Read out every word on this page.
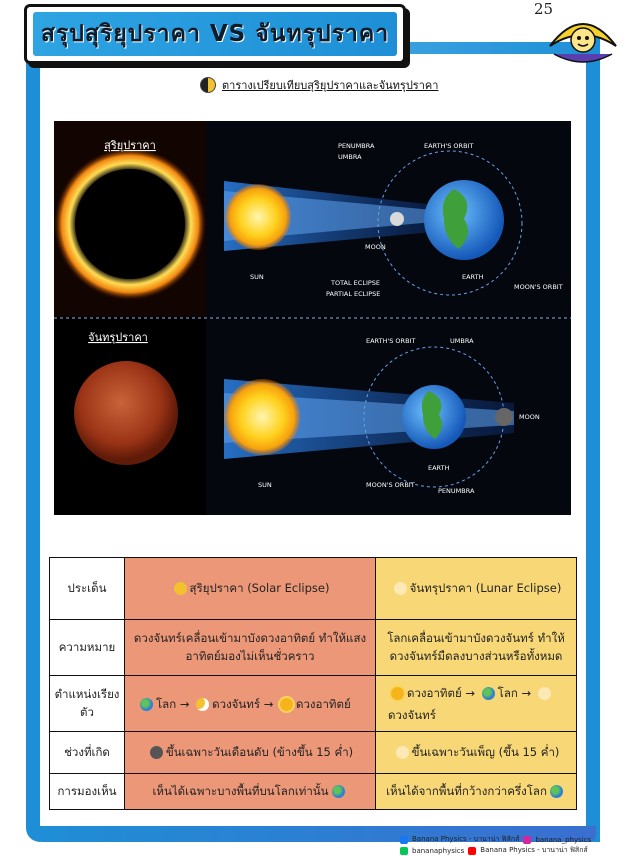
สรุปสุริยุปราคา VS จันทรุปราคา
25
ตารางเปรียบเทียบสุริยุปราคาและจันทรุปราคา
สุริยุปราคา	PENUMBRA
UMBRA
EARTH'S ORBIT
MOON
SUN
TOTAL ECLIPSE
PARTIAL ECLIPSE
EARTH
MOON'S ORBIT
จันทรุปราคา	EARTH'S ORBIT	UMBRA
MOON
SUN
EARTH
MOON'S ORBIT
PENUMBRA
ประเด็น	สุริยุปราคา (Solar Eclipse)	จันทรุปราคา (Lunar Eclipse)
ความหมาย	ดวงจันทร์เคลื่อนเข้ามาบังดวงอาทิตย์ ทำให้แสงอาทิตย์มองไม่เห็นชั่วคราว	โลกเคลื่อนเข้ามาบังดวงจันทร์ ทำให้ดวงจันทร์มืดลงบางส่วนหรือทั้งหมด
ตำแหน่งเรียงตัว	โลก → ดวงจันทร์ → ดวงอาทิตย์	ดวงอาทิตย์ → โลก → ดวงจันทร์
ช่วงที่เกิด	ขึ้นเฉพาะวันเดือนดับ (ข้างขึ้น 15 ค่ำ)	ขึ้นเฉพาะวันเพ็ญ (ขึ้น 15 ค่ำ)
การมองเห็น	เห็นได้เฉพาะบางพื้นที่บนโลกเท่านั้น	เห็นได้จากพื้นที่กว้างกว่าครึ่งโลก
Banana Physics - บานาน่า ฟิสิกส์ banana_physics
bananaphysics Banana Physics - บานาน่า ฟิสิกส์
